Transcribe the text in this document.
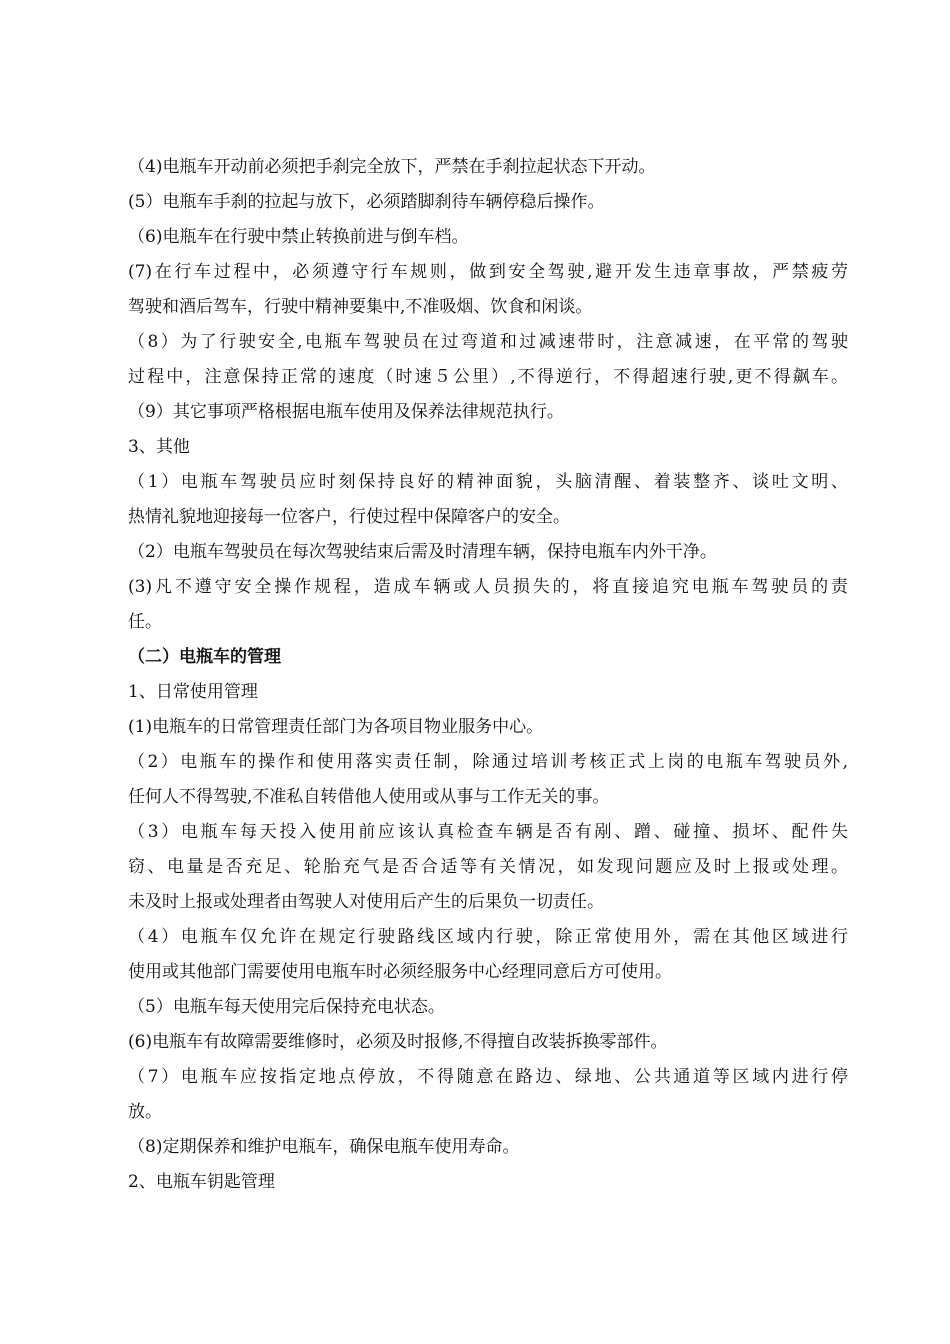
（4)电瓶车开动前必须把手刹完全放下，严禁在手刹拉起状态下开动。
(5）电瓶车手刹的拉起与放下，必须踏脚刹待车辆停稳后操作。
（6)电瓶车在行驶中禁止转换前进与倒车档。
(7)在行车过程中，必须遵守行车规则，做到安全驾驶,避开发生违章事故，严禁疲劳
驾驶和酒后驾车，行驶中精神要集中,不准吸烟、饮食和闲谈。
（8）为了行驶安全,电瓶车驾驶员在过弯道和过减速带时，注意减速，在平常的驾驶
过程中，注意保持正常的速度（时速５公里）,不得逆行，不得超速行驶,更不得飙车。
（9）其它事项严格根据电瓶车使用及保养法律规范执行。
3、其他
（1）电瓶车驾驶员应时刻保持良好的精神面貌，头脑清醒、着装整齐、谈吐文明、
热情礼貌地迎接每一位客户，行使过程中保障客户的安全。
（2）电瓶车驾驶员在每次驾驶结束后需及时清理车辆，保持电瓶车内外干净。
(3)凡不遵守安全操作规程，造成车辆或人员损失的，将直接追究电瓶车驾驶员的责
任。
（二）电瓶车的管理
1、日常使用管理
(1)电瓶车的日常管理责任部门为各项目物业服务中心。
（2）电瓶车的操作和使用落实责任制，除通过培训考核正式上岗的电瓶车驾驶员外,
任何人不得驾驶,不准私自转借他人使用或从事与工作无关的事。
（3）电瓶车每天投入使用前应该认真检查车辆是否有剐、蹭、碰撞、损坏、配件失
窃、电量是否充足、轮胎充气是否合适等有关情况，如发现问题应及时上报或处理。
未及时上报或处理者由驾驶人对使用后产生的后果负一切责任。
（4）电瓶车仅允许在规定行驶路线区域内行驶，除正常使用外，需在其他区域进行
使用或其他部门需要使用电瓶车时必须经服务中心经理同意后方可使用。
（5）电瓶车每天使用完后保持充电状态。
(6)电瓶车有故障需要维修时，必须及时报修,不得擅自改装拆换零部件。
（7）电瓶车应按指定地点停放，不得随意在路边、绿地、公共通道等区域内进行停
放。
（8)定期保养和维护电瓶车，确保电瓶车使用寿命。
2、电瓶车钥匙管理
